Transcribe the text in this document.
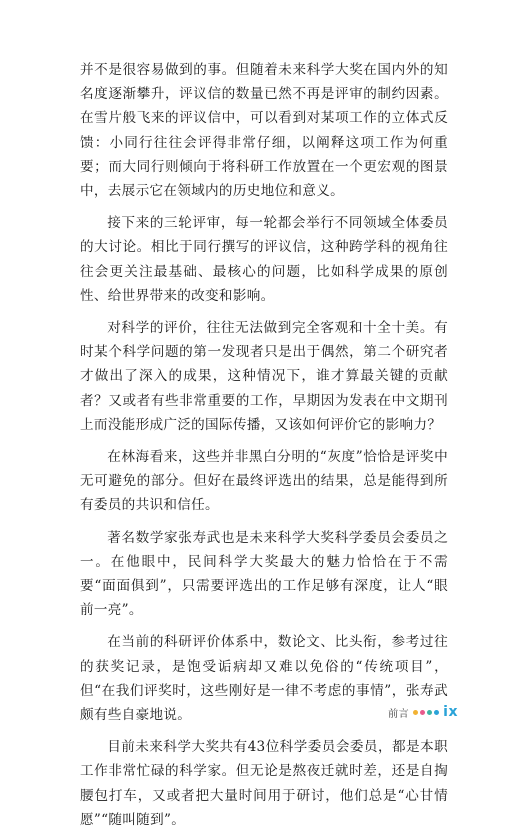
并不是很容易做到的事。但随着未来科学大奖在国内外的知名度逐渐攀升，评议信的数量已然不再是评审的制约因素。在雪片般飞来的评议信中，可以看到对某项工作的立体式反馈：小同行往往会评得非常仔细，以阐释这项工作为何重要；而大同行则倾向于将科研工作放置在一个更宏观的图景中，去展示它在领域内的历史地位和意义。

接下来的三轮评审，每一轮都会举行不同领域全体委员的大讨论。相比于同行撰写的评议信，这种跨学科的视角往往会更关注最基础、最核心的问题，比如科学成果的原创性、给世界带来的改变和影响。

对科学的评价，往往无法做到完全客观和十全十美。有时某个科学问题的第一发现者只是出于偶然，第二个研究者才做出了深入的成果，这种情况下，谁才算最关键的贡献者？又或者有些非常重要的工作，早期因为发表在中文期刊上而没能形成广泛的国际传播，又该如何评价它的影响力？

在林海看来，这些并非黑白分明的“灰度”恰恰是评奖中无可避免的部分。但好在最终评选出的结果，总是能得到所有委员的共识和信任。

著名数学家张寿武也是未来科学大奖科学委员会委员之一。在他眼中，民间科学大奖最大的魅力恰恰在于不需要“面面俱到”，只需要评选出的工作足够有深度，让人“眼前一亮”。

在当前的科研评价体系中，数论文、比头衔，参考过往的获奖记录，是饱受诟病却又难以免俗的“传统项目”，但“在我们评奖时，这些刚好是一律不考虑的事情”，张寿武颇有些自豪地说。

目前未来科学大奖共有43位科学委员会委员，都是本职工作非常忙碌的科学家。但无论是熬夜迁就时差，还是自掏腰包打车，又或者把大量时间用于研讨，他们总是“心甘情愿”“随叫随到”。

前言 ix
